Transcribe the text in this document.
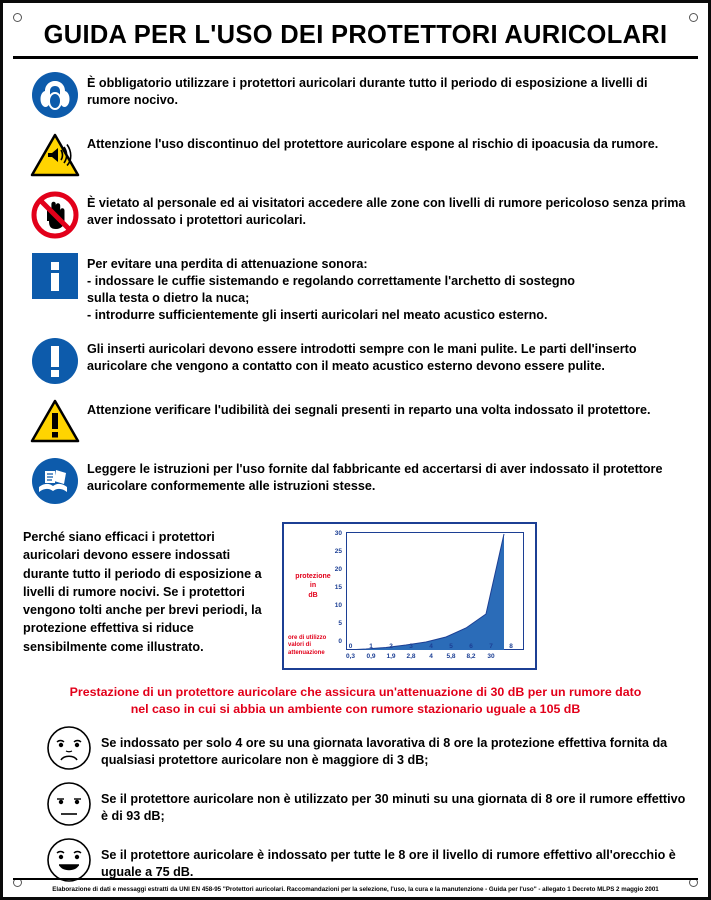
GUIDA PER L'USO DEI PROTETTORI AURICOLARI
È obbligatorio utilizzare i protettori auricolari durante tutto il periodo di esposizione a livelli di rumore nocivo.
Attenzione l'uso discontinuo del protettore auricolare espone al rischio di ipoacusia da rumore.
È vietato al personale ed ai visitatori accedere alle zone con livelli di rumore pericoloso senza prima aver indossato i protettori auricolari.
Per evitare una perdita di attenuazione sonora:
- indossare le cuffie sistemando e regolando correttamente l'archetto di sostegno
sulla testa o dietro la nuca;
- introdurre sufficientemente gli inserti auricolari nel meato acustico esterno.
Gli inserti auricolari devono essere introdotti sempre con le mani pulite. Le parti dell'inserto auricolare che vengono a contatto con il meato acustico esterno devono essere pulite.
Attenzione verificare l'udibilità dei segnali presenti in reparto una volta indossato il protettore.
Leggere le istruzioni per l'uso fornite dal fabbricante ed accertarsi di aver indossato il protettore auricolare conformemente alle istruzioni stesse.
Perché siano efficaci i protettori auricolari devono essere indossati durante tutto il periodo di esposizione a livelli di rumore nocivi. Se i protettori vengono tolti anche per brevi periodi, la protezione effettiva si riduce sensibilmente come illustrato.
protezione
in
dB
ore di utilizzo
valori di attenuazione
30
25
20
15
10
5
0
0	1	2	3	4	5	6	7	8
0,3	0,9	1,9	2,8	4	5,8	8,2	30
Prestazione di un protettore auricolare che assicura un'attenuazione di 30 dB per un rumore dato
nel caso in cui si abbia un ambiente con rumore stazionario uguale a 105 dB
Se indossato per solo 4 ore su una giornata lavorativa di 8 ore la protezione effettiva fornita da qualsiasi protettore auricolare non è maggiore di 3 dB;
Se il protettore auricolare non è utilizzato per 30 minuti su una giornata di 8 ore il rumore effettivo è di 93 dB;
Se il protettore auricolare è indossato per tutte le 8 ore il livello di rumore effettivo all'orecchio è uguale a 75 dB.
Elaborazione di dati e messaggi estratti da UNI EN 458-95 "Protettori auricolari. Raccomandazioni per la selezione, l'uso, la cura e la manutenzione - Guida per l'uso" - allegato 1 Decreto MLPS 2 maggio 2001
